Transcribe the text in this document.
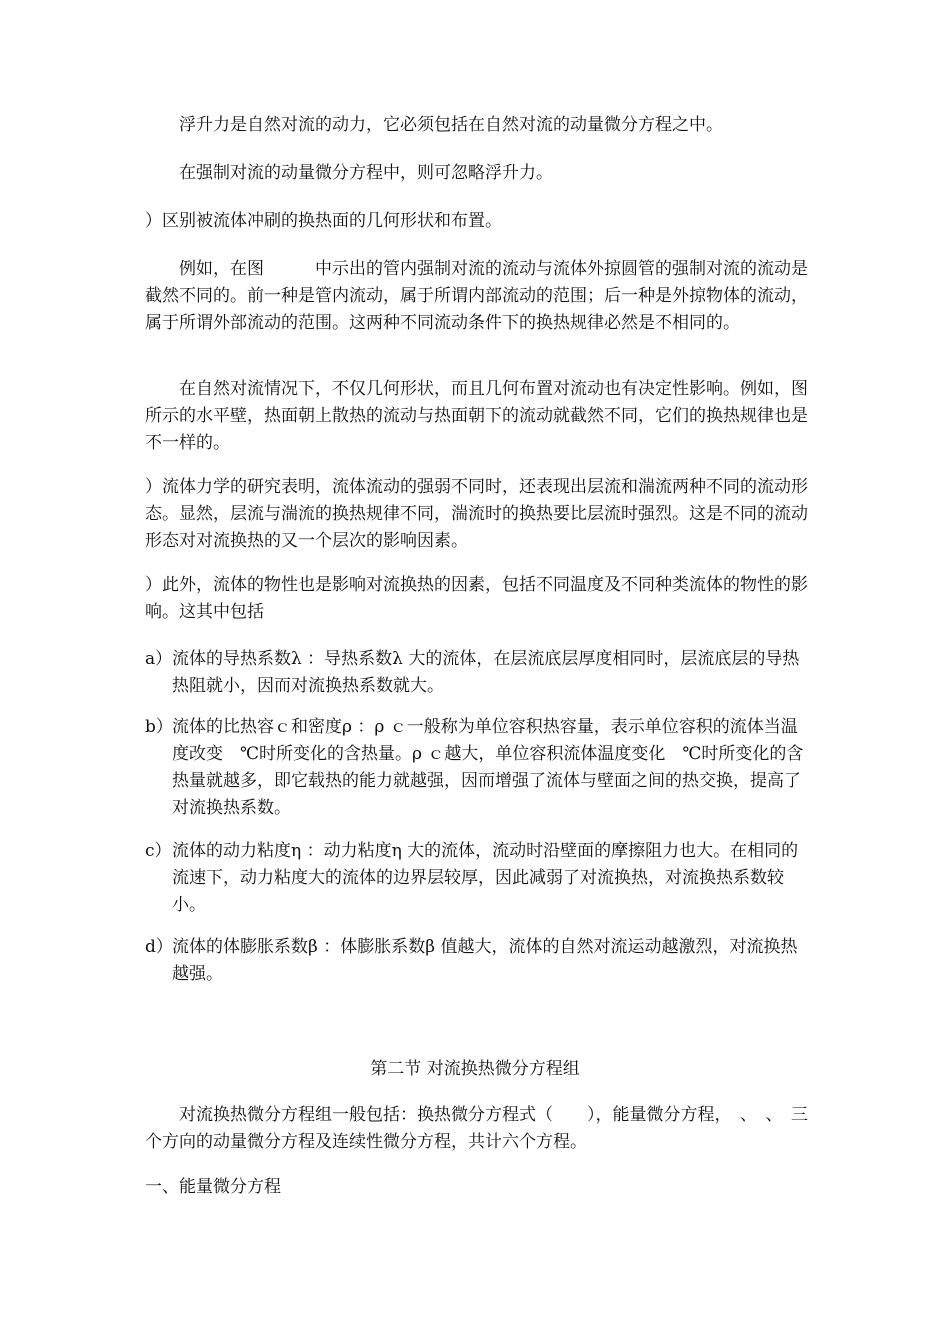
浮升力是自然对流的动力，它必须包括在自然对流的动量微分方程之中。

在强制对流的动量微分方程中，则可忽略浮升力。

）区别被流体冲刷的换热面的几何形状和布置。

例如，在图　　　中示出的管内强制对流的流动与流体外掠圆管的强制对流的流动是截然不同的。前一种是管内流动，属于所谓内部流动的范围；后一种是外掠物体的流动，属于所谓外部流动的范围。这两种不同流动条件下的换热规律必然是不相同的。

在自然对流情况下，不仅几何形状，而且几何布置对流动也有决定性影响。例如，图　　　所示的水平壁，热面朝上散热的流动与热面朝下的流动就截然不同，它们的换热规律也是不一样的。

）流体力学的研究表明，流体流动的强弱不同时，还表现出层流和湍流两种不同的流动形态。显然，层流与湍流的换热规律不同，湍流时的换热要比层流时强烈。这是不同的流动形态对对流换热的又一个层次的影响因素。

）此外，流体的物性也是影响对流换热的因素，包括不同温度及不同种类流体的物性的影响。这其中包括

a） 流体的导热系数λ ：导热系数λ 大的流体，在层流底层厚度相同时，层流底层的导热热阻就小，因而对流换热系数就大。
b） 流体的比热容ｃ和密度ρ ：ρ ｃ一般称为单位容积热容量，表示单位容积的流体当温度改变　℃时所变化的含热量。ρ ｃ越大，单位容积流体温度变化　℃时所变化的含热量就越多，即它载热的能力就越强，因而增强了流体与壁面之间的热交换，提高了对流换热系数。
c） 流体的动力粘度η ：动力粘度η 大的流体，流动时沿壁面的摩擦阻力也大。在相同的流速下，动力粘度大的流体的边界层较厚，因此减弱了对流换热，对流换热系数较小。
d） 流体的体膨胀系数β ：体膨胀系数β 值越大，流体的自然对流运动越激烈，对流换热越强。
第二节 对流换热微分方程组

对流换热微分方程组一般包括：换热微分方程式（　　），能量微分方程，　、　、　三个方向的动量微分方程及连续性微分方程，共计六个方程。

一、能量微分方程
